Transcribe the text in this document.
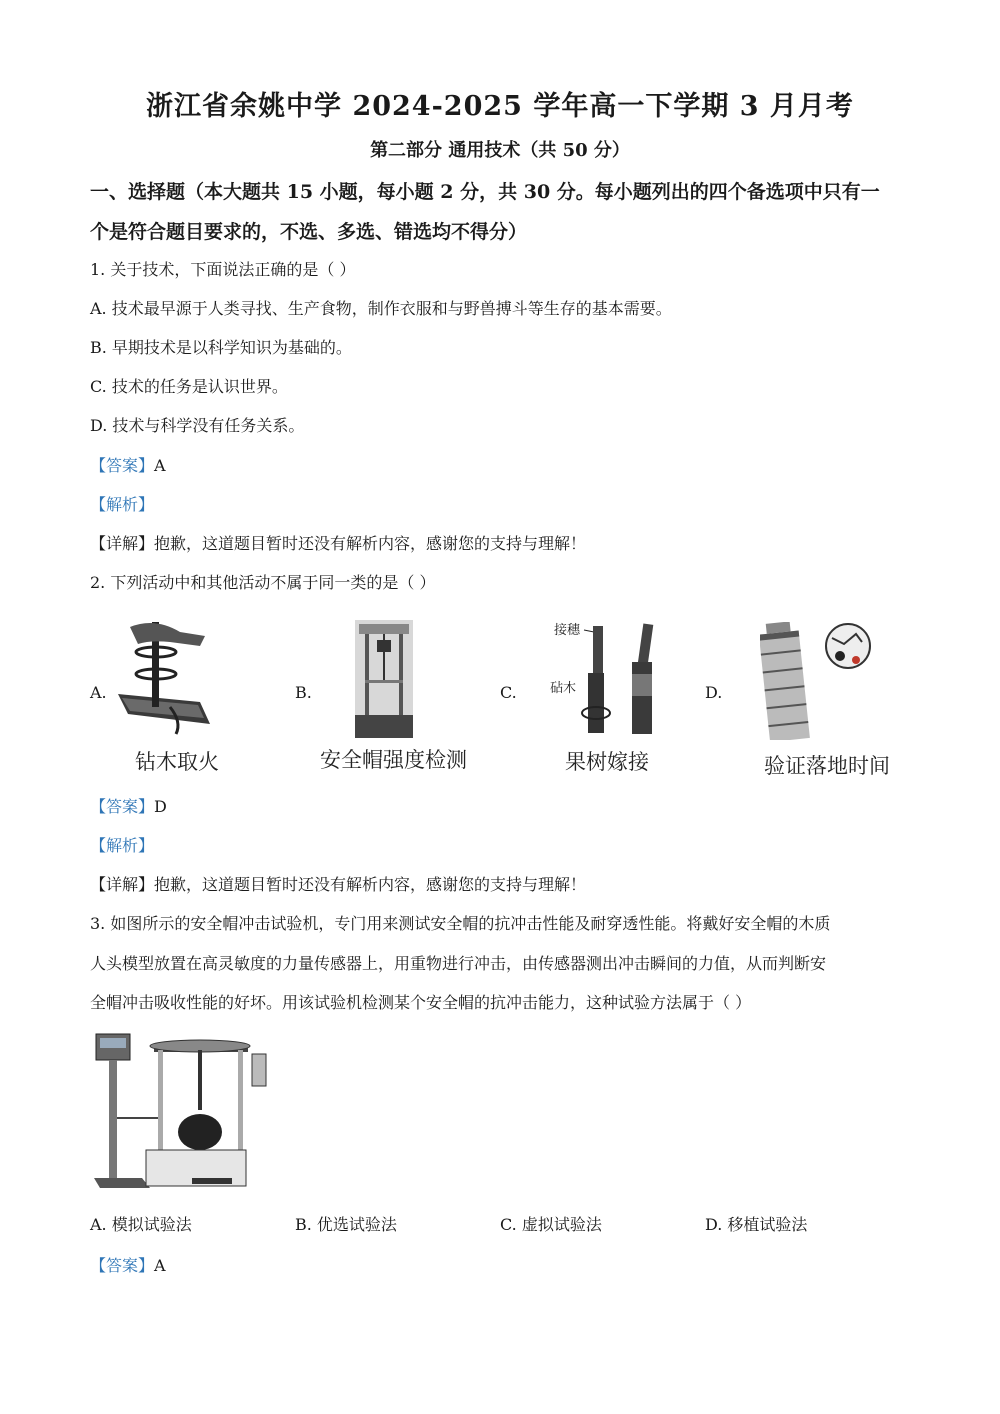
浙江省余姚中学 2024-2025 学年高一下学期 3 月月考
第二部分 通用技术（共 50 分）
一、选择题（本大题共 15 小题，每小题 2 分，共 30 分。每小题列出的四个备选项中只有一
个是符合题目要求的，不选、多选、错选均不得分）
1. 关于技术，下面说法正确的是（ ）
A. 技术最早源于人类寻找、生产食物，制作衣服和与野兽搏斗等生存的基本需要。
B. 早期技术是以科学知识为基础的。
C. 技术的任务是认识世界。
D. 技术与科学没有任务关系。
【答案】A
【解析】
【详解】抱歉，这道题目暂时还没有解析内容，感谢您的支持与理解！
2. 下列活动中和其他活动不属于同一类的是（ ）
A.	B.	C.	D.
钻木取火	安全帽强度检测
接穗
砧木
果树嫁接	验证落地时间
【答案】D
【解析】
【详解】抱歉，这道题目暂时还没有解析内容，感谢您的支持与理解！
3. 如图所示的安全帽冲击试验机，专门用来测试安全帽的抗冲击性能及耐穿透性能。将戴好安全帽的木质
人头模型放置在高灵敏度的力量传感器上，用重物进行冲击，由传感器测出冲击瞬间的力值，从而判断安
全帽冲击吸收性能的好坏。用该试验机检测某个安全帽的抗冲击能力，这种试验方法属于（ ）
A. 模拟试验法	B. 优选试验法	C. 虚拟试验法	D. 移植试验法
【答案】A
